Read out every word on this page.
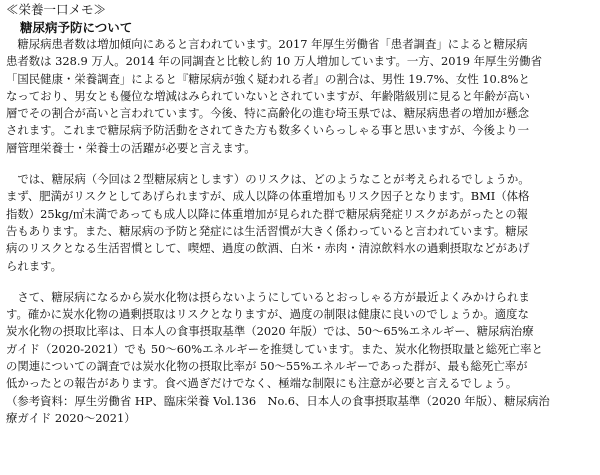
≪栄養一口メモ≫
糖尿病予防について
　糖尿病患者数は増加傾向にあると言われています。2017 年厚生労働省「患者調査」によると糖尿病
患者数は 328.9 万人。2014 年の同調査と比較し約 10 万人増加しています。一方、2019 年厚生労働省
「国民健康・栄養調査」によると『糖尿病が強く疑われる者』の割合は、男性 19.7%、女性 10.8%と
なっており、男女とも優位な増減はみられていないとされていますが、年齢階級別に見ると年齢が高い
層でその割合が高いと言われています。今後、特に高齢化の進む埼玉県では、糖尿病患者の増加が懸念
されます。これまで糖尿病予防活動をされてきた方も数多くいらっしゃる事と思いますが、今後より一
層管理栄養士・栄養士の活躍が必要と言えます。
　では、糖尿病（今回は２型糖尿病とします）のリスクは、どのようなことが考えられるでしょうか。
まず、肥満がリスクとしてあげられますが、成人以降の体重増加もリスク因子となります。BMI（体格
指数）25kg/㎡未満であっても成人以降に体重増加が見られた群で糖尿病発症リスクがあがったとの報
告もあります。また、糖尿病の予防と発症には生活習慣が大きく係わっていると言われています。糖尿
病のリスクとなる生活習慣として、喫煙、過度の飲酒、白米・赤肉・清涼飲料水の過剰摂取などがあげ
られます。
　さて、糖尿病になるから炭水化物は摂らないようにしているとおっしゃる方が最近よくみかけられま
す。確かに炭水化物の過剰摂取はリスクとなりますが、過度の制限は健康に良いのでしょうか。適度な
炭水化物の摂取比率は、日本人の食事摂取基準（2020 年版）では、50～65%エネルギー、糖尿病治療
ガイド（2020-2021）でも 50～60%エネルギーを推奨しています。また、炭水化物摂取量と総死亡率と
の関連についての調査では炭水化物の摂取比率が 50～55%エネルギーであった群が、最も総死亡率が
低かったとの報告があります。食べ過ぎだけでなく、極端な制限にも注意が必要と言えるでしょう。
（参考資料：厚生労働省 HP、臨床栄養 Vol.136　No.6、日本人の食事摂取基準（2020 年版）、糖尿病治
療ガイド 2020～2021）
